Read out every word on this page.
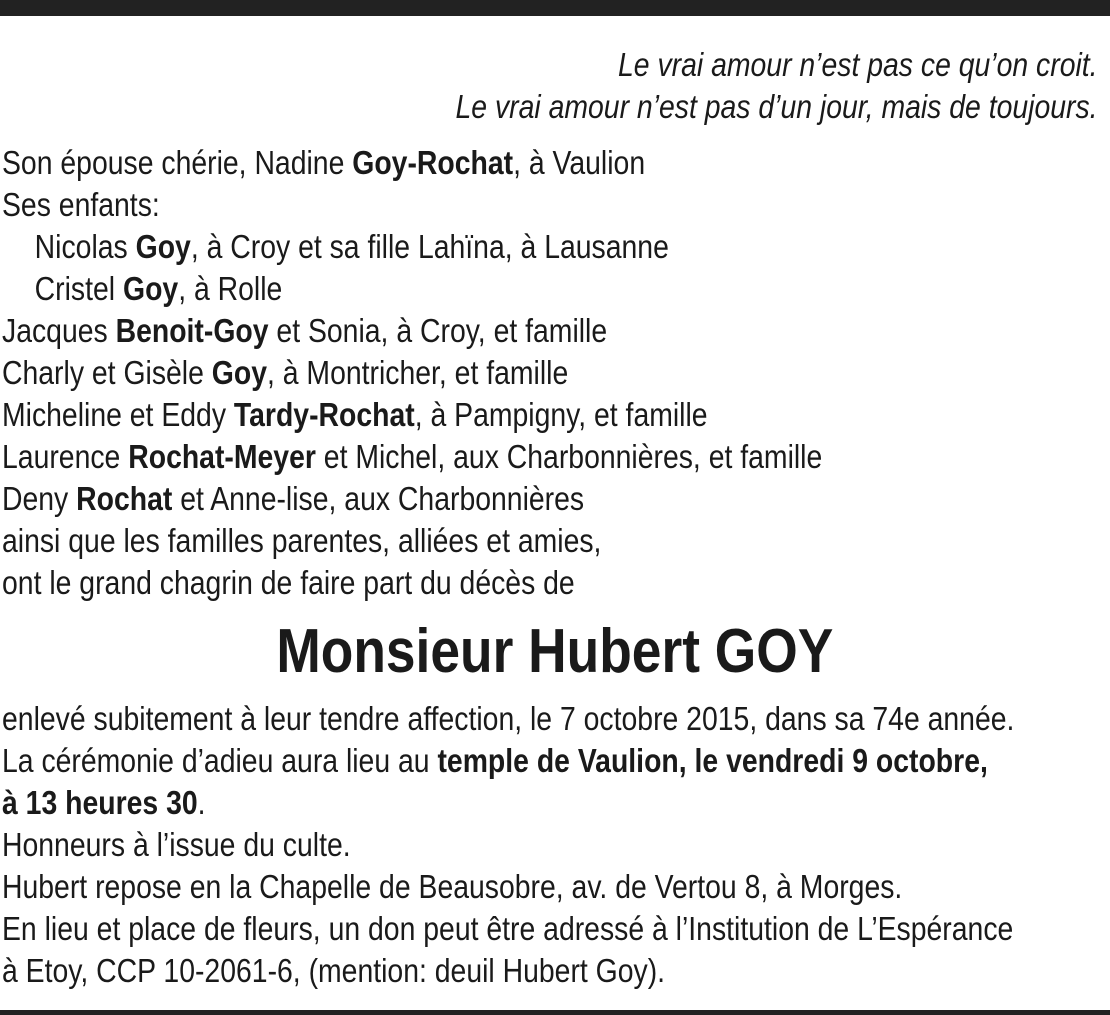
Le vrai amour n’est pas ce qu’on croit.
Le vrai amour n’est pas d’un jour, mais de toujours.
Son épouse chérie, Nadine Goy-Rochat, à Vaulion
Ses enfants:
Nicolas Goy, à Croy et sa fille Lahïna, à Lausanne
Cristel Goy, à Rolle
Jacques Benoit-Goy et Sonia, à Croy, et famille
Charly et Gisèle Goy, à Montricher, et famille
Micheline et Eddy Tardy-Rochat, à Pampigny, et famille
Laurence Rochat-Meyer et Michel, aux Charbonnières, et famille
Deny Rochat et Anne-lise, aux Charbonnières
ainsi que les familles parentes, alliées et amies,
ont le grand chagrin de faire part du décès de
Monsieur Hubert GOY
enlevé subitement à leur tendre affection, le 7 octobre 2015, dans sa 74e année.
La cérémonie d’adieu aura lieu au temple de Vaulion, le vendredi 9 octobre,
à 13 heures 30.
Honneurs à l’issue du culte.
Hubert repose en la Chapelle de Beausobre, av. de Vertou 8, à Morges.
En lieu et place de fleurs, un don peut être adressé à l’Institution de L’Espérance
à Etoy, CCP 10-2061-6, (mention: deuil Hubert Goy).
